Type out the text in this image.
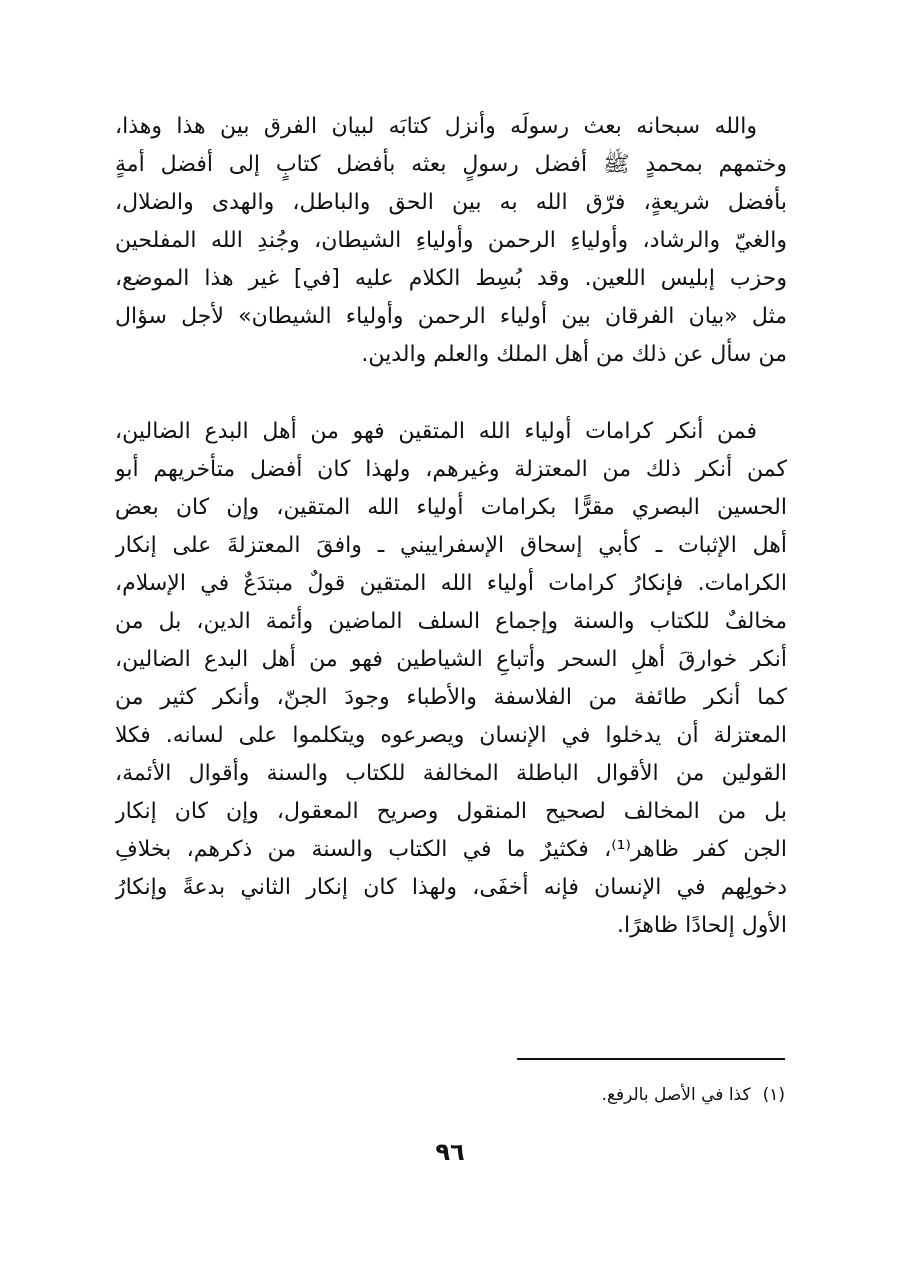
والله سبحانه بعث رسولَه وأنزل كتابَه لبيان الفرق بين هذا وهذا،
وختمهم بمحمدٍ ﷺ أفضل رسولٍ بعثه بأفضل كتابٍ إلى أفضل أمةٍ
بأفضل شريعةٍ، فرّق الله به بين الحق والباطل، والهدى والضلال،
والغيّ والرشاد، وأولياءِ الرحمن وأولياءِ الشيطان، وجُندِ الله المفلحين
وحزب إبليس اللعين. وقد بُسِط الكلام عليه [في] غير هذا الموضع،
مثل «بيان الفرقان بين أولياء الرحمن وأولياء الشيطان» لأجل سؤال
من سأل عن ذلك من أهل الملك والعلم والدين.
فمن أنكر كرامات أولياء الله المتقين فهو من أهل البدع الضالين،
كمن أنكر ذلك من المعتزلة وغيرهم، ولهذا كان أفضل متأخريهم أبو
الحسين البصري مقرًّا بكرامات أولياء الله المتقين، وإن كان بعض
أهل الإثبات ـ كأبي إسحاق الإسفراييني ـ وافقَ المعتزلةَ على إنكار
الكرامات. فإنكارُ كرامات أولياء الله المتقين قولٌ مبتدَعٌ في الإسلام،
مخالفٌ للكتاب والسنة وإجماع السلف الماضين وأئمة الدين، بل من
أنكر خوارقَ أهلِ السحر وأتباعِ الشياطين فهو من أهل البدع الضالين،
كما أنكر طائفة من الفلاسفة والأطباء وجودَ الجنّ، وأنكر كثير من
المعتزلة أن يدخلوا في الإنسان ويصرعوه ويتكلموا على لسانه. فكلا
القولين من الأقوال الباطلة المخالفة للكتاب والسنة وأقوال الأئمة،
بل من المخالف لصحيح المنقول وصريح المعقول، وإن كان إنكار
الجن كفر ظاهر⁽¹⁾، فكثيرٌ ما في الكتاب والسنة من ذكرهم، بخلافِ
دخولِهم في الإنسان فإنه أخفَى، ولهذا كان إنكار الثاني بدعةً وإنكارُ
الأول إلحادًا ظاهرًا.
(١)كذا في الأصل بالرفع.
٩٦
